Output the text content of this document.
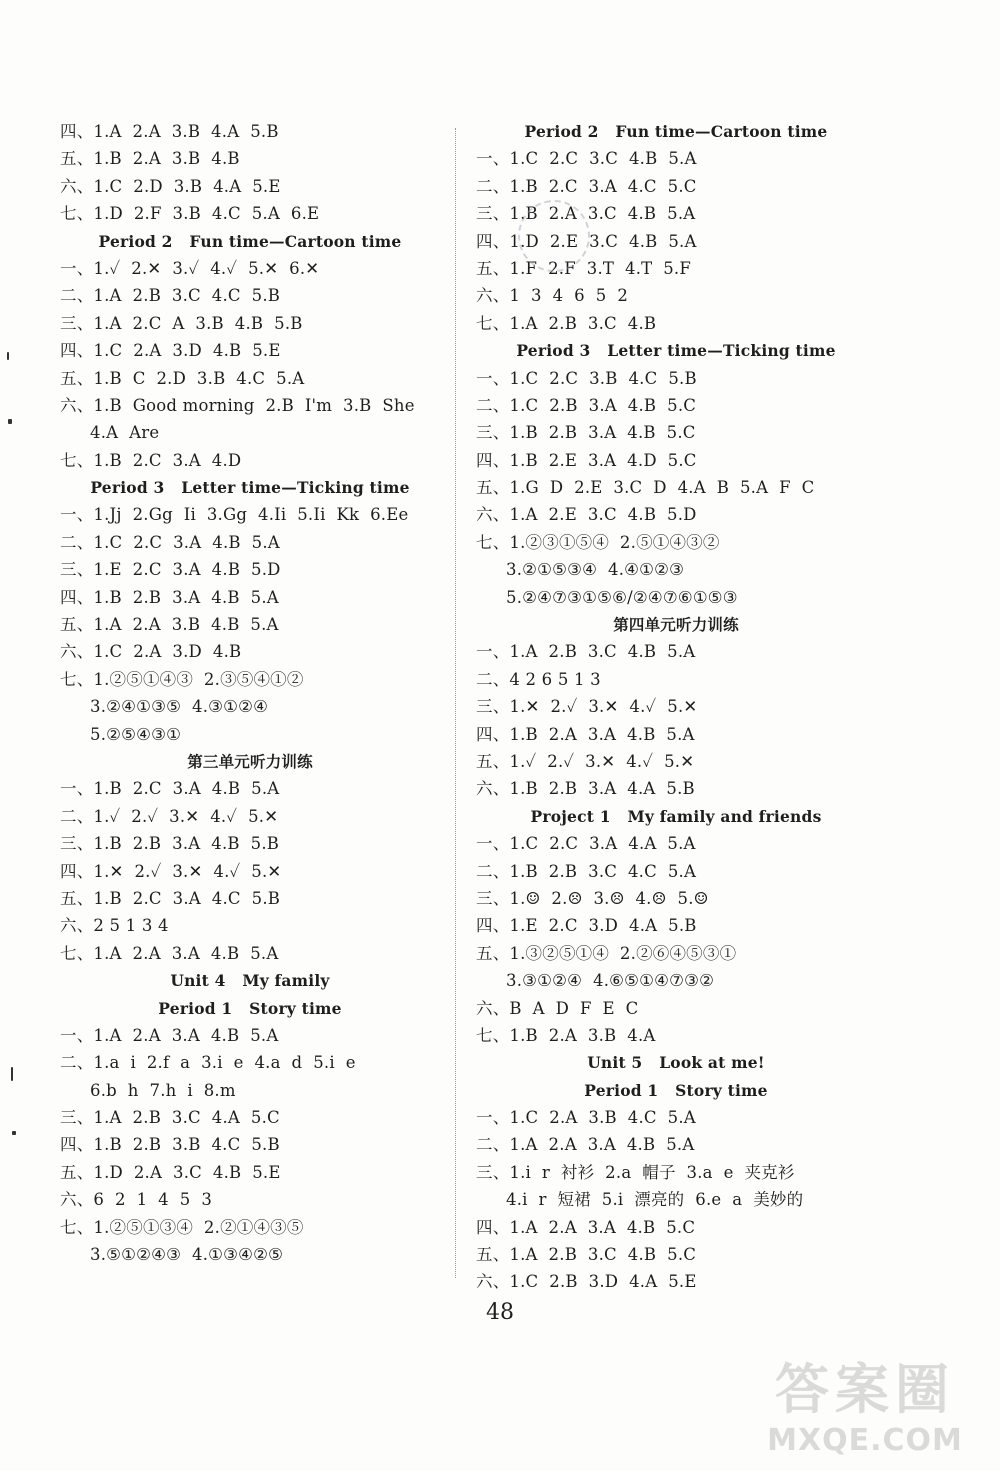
四、1.A  2.A  3.B  4.A  5.B
五、1.B  2.A  3.B  4.B
六、1.C  2.D  3.B  4.A  5.E
七、1.D  2.F  3.B  4.C  5.A  6.E
Period 2   Fun time—Cartoon time
一、1.✓  2.✕  3.✓  4.✓  5.✕  6.✕
二、1.A  2.B  3.C  4.C  5.B
三、1.A  2.C  A  3.B  4.B  5.B
四、1.C  2.A  3.D  4.B  5.E
五、1.B  C  2.D  3.B  4.C  5.A
六、1.B  Good morning  2.B  I'm  3.B  She
4.A  Are
七、1.B  2.C  3.A  4.D
Period 3   Letter time—Ticking time
一、1.Jj  2.Gg  Ii  3.Gg  4.Ii  5.Ii  Kk  6.Ee
二、1.C  2.C  3.A  4.B  5.A
三、1.E  2.C  3.A  4.B  5.D
四、1.B  2.B  3.A  4.B  5.A
五、1.A  2.A  3.B  4.B  5.A
六、1.C  2.A  3.D  4.B
七、1.②⑤①④③  2.③⑤④①②
3.②④①③⑤  4.③①②④
5.②⑤④③①
第三单元听力训练
一、1.B  2.C  3.A  4.B  5.A
二、1.✓  2.✓  3.✕  4.✓  5.✕
三、1.B  2.B  3.A  4.B  5.B
四、1.✕  2.✓  3.✕  4.✓  5.✕
五、1.B  2.C  3.A  4.C  5.B
六、2 5 1 3 4
七、1.A  2.A  3.A  4.B  5.A
Unit 4   My family
Period 1   Story time
一、1.A  2.A  3.A  4.B  5.A
二、1.a  i  2.f  a  3.i  e  4.a  d  5.i  e
6.b  h  7.h  i  8.m
三、1.A  2.B  3.C  4.A  5.C
四、1.B  2.B  3.B  4.C  5.B
五、1.D  2.A  3.C  4.B  5.E
六、6  2  1  4  5  3
七、1.②⑤①③④  2.②①④③⑤
3.⑤①②④③  4.①③④②⑤
Period 2   Fun time—Cartoon time
一、1.C  2.C  3.C  4.B  5.A
二、1.B  2.C  3.A  4.C  5.C
三、1.B  2.A  3.C  4.B  5.A
四、1.D  2.E  3.C  4.B  5.A
五、1.F  2.F  3.T  4.T  5.F
六、1  3  4  6  5  2
七、1.A  2.B  3.C  4.B
Period 3   Letter time—Ticking time
一、1.C  2.C  3.B  4.C  5.B
二、1.C  2.B  3.A  4.B  5.C
三、1.B  2.B  3.A  4.B  5.C
四、1.B  2.E  3.A  4.D  5.C
五、1.G  D  2.E  3.C  D  4.A  B  5.A  F  C
六、1.A  2.E  3.C  4.B  5.D
七、1.②③①⑤④  2.⑤①④③②
3.②①⑤③④  4.④①②③
5.②④⑦③①⑤⑥/②④⑦⑥①⑤③
第四单元听力训练
一、1.A  2.B  3.C  4.B  5.A
二、4 2 6 5 1 3
三、1.✕  2.✓  3.✕  4.✓  5.✕
四、1.B  2.A  3.A  4.B  5.A
五、1.✓  2.✓  3.✕  4.✓  5.✕
六、1.B  2.B  3.A  4.A  5.B
Project 1   My family and friends
一、1.C  2.C  3.A  4.A  5.A
二、1.B  2.B  3.C  4.C  5.A
三、1.☺  2.☹  3.☹  4.☹  5.☺
四、1.E  2.C  3.D  4.A  5.B
五、1.③②⑤①④  2.②⑥④⑤③①
3.③①②④  4.⑥⑤①④⑦③②
六、B  A  D  F  E  C
七、1.B  2.A  3.B  4.A
Unit 5   Look at me!
Period 1   Story time
一、1.C  2.A  3.B  4.C  5.A
二、1.A  2.A  3.A  4.B  5.A
三、1.i  r  衬衫  2.a  帽子  3.a  e  夹克衫
4.i  r  短裙  5.i  漂亮的  6.e  a  美妙的
四、1.A  2.A  3.A  4.B  5.C
五、1.A  2.B  3.C  4.B  5.C
六、1.C  2.B  3.D  4.A  5.E
48
答案圈
MXQE.COM
